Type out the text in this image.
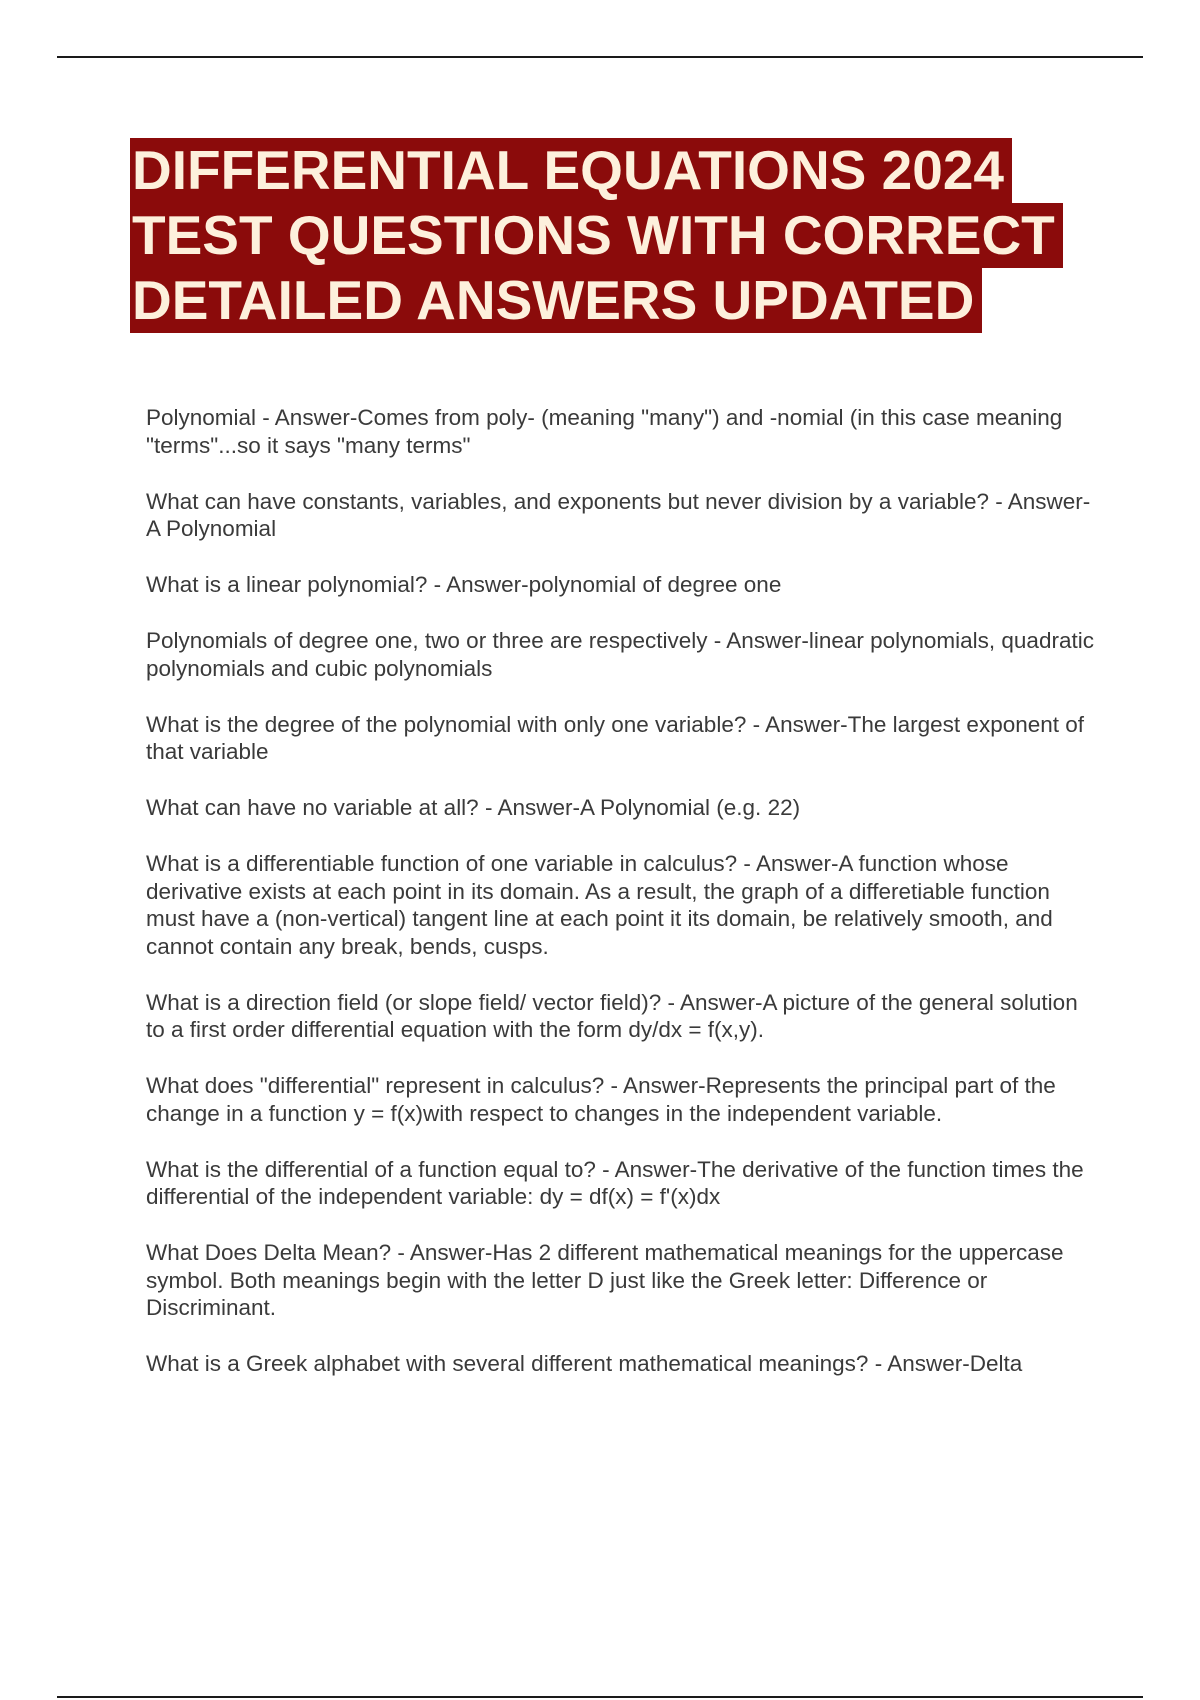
DIFFERENTIAL EQUATIONS 2024
TEST QUESTIONS WITH CORRECT
DETAILED ANSWERS UPDATED
Polynomial - Answer-Comes from poly- (meaning "many") and -nomial (in this case meaning "terms"...so it says "many terms"
What can have constants, variables, and exponents but never division by a variable? - Answer-A Polynomial
What is a linear polynomial? - Answer-polynomial of degree one
Polynomials of degree one, two or three are respectively - Answer-linear polynomials, quadratic polynomials and cubic polynomials
What is the degree of the polynomial with only one variable? - Answer-The largest exponent of that variable
What can have no variable at all? - Answer-A Polynomial (e.g. 22)
What is a differentiable function of one variable in calculus? - Answer-A function whose derivative exists at each point in its domain. As a result, the graph of a differetiable function must have a (non-vertical) tangent line at each point it its domain, be relatively smooth, and cannot contain any break, bends, cusps.
What is a direction field (or slope field/ vector field)? - Answer-A picture of the general solution to a first order differential equation with the form dy/dx = f(x,y).
What does "differential" represent in calculus? - Answer-Represents the principal part of the change in a function y = f(x)with respect to changes in the independent variable.
What is the differential of a function equal to? - Answer-The derivative of the function times the differential of the independent variable: dy = df(x) = f'(x)dx
What Does Delta Mean? - Answer-Has 2 different mathematical meanings for the uppercase symbol. Both meanings begin with the letter D just like the Greek letter: Difference or Discriminant.
What is a Greek alphabet with several different mathematical meanings? - Answer-Delta
